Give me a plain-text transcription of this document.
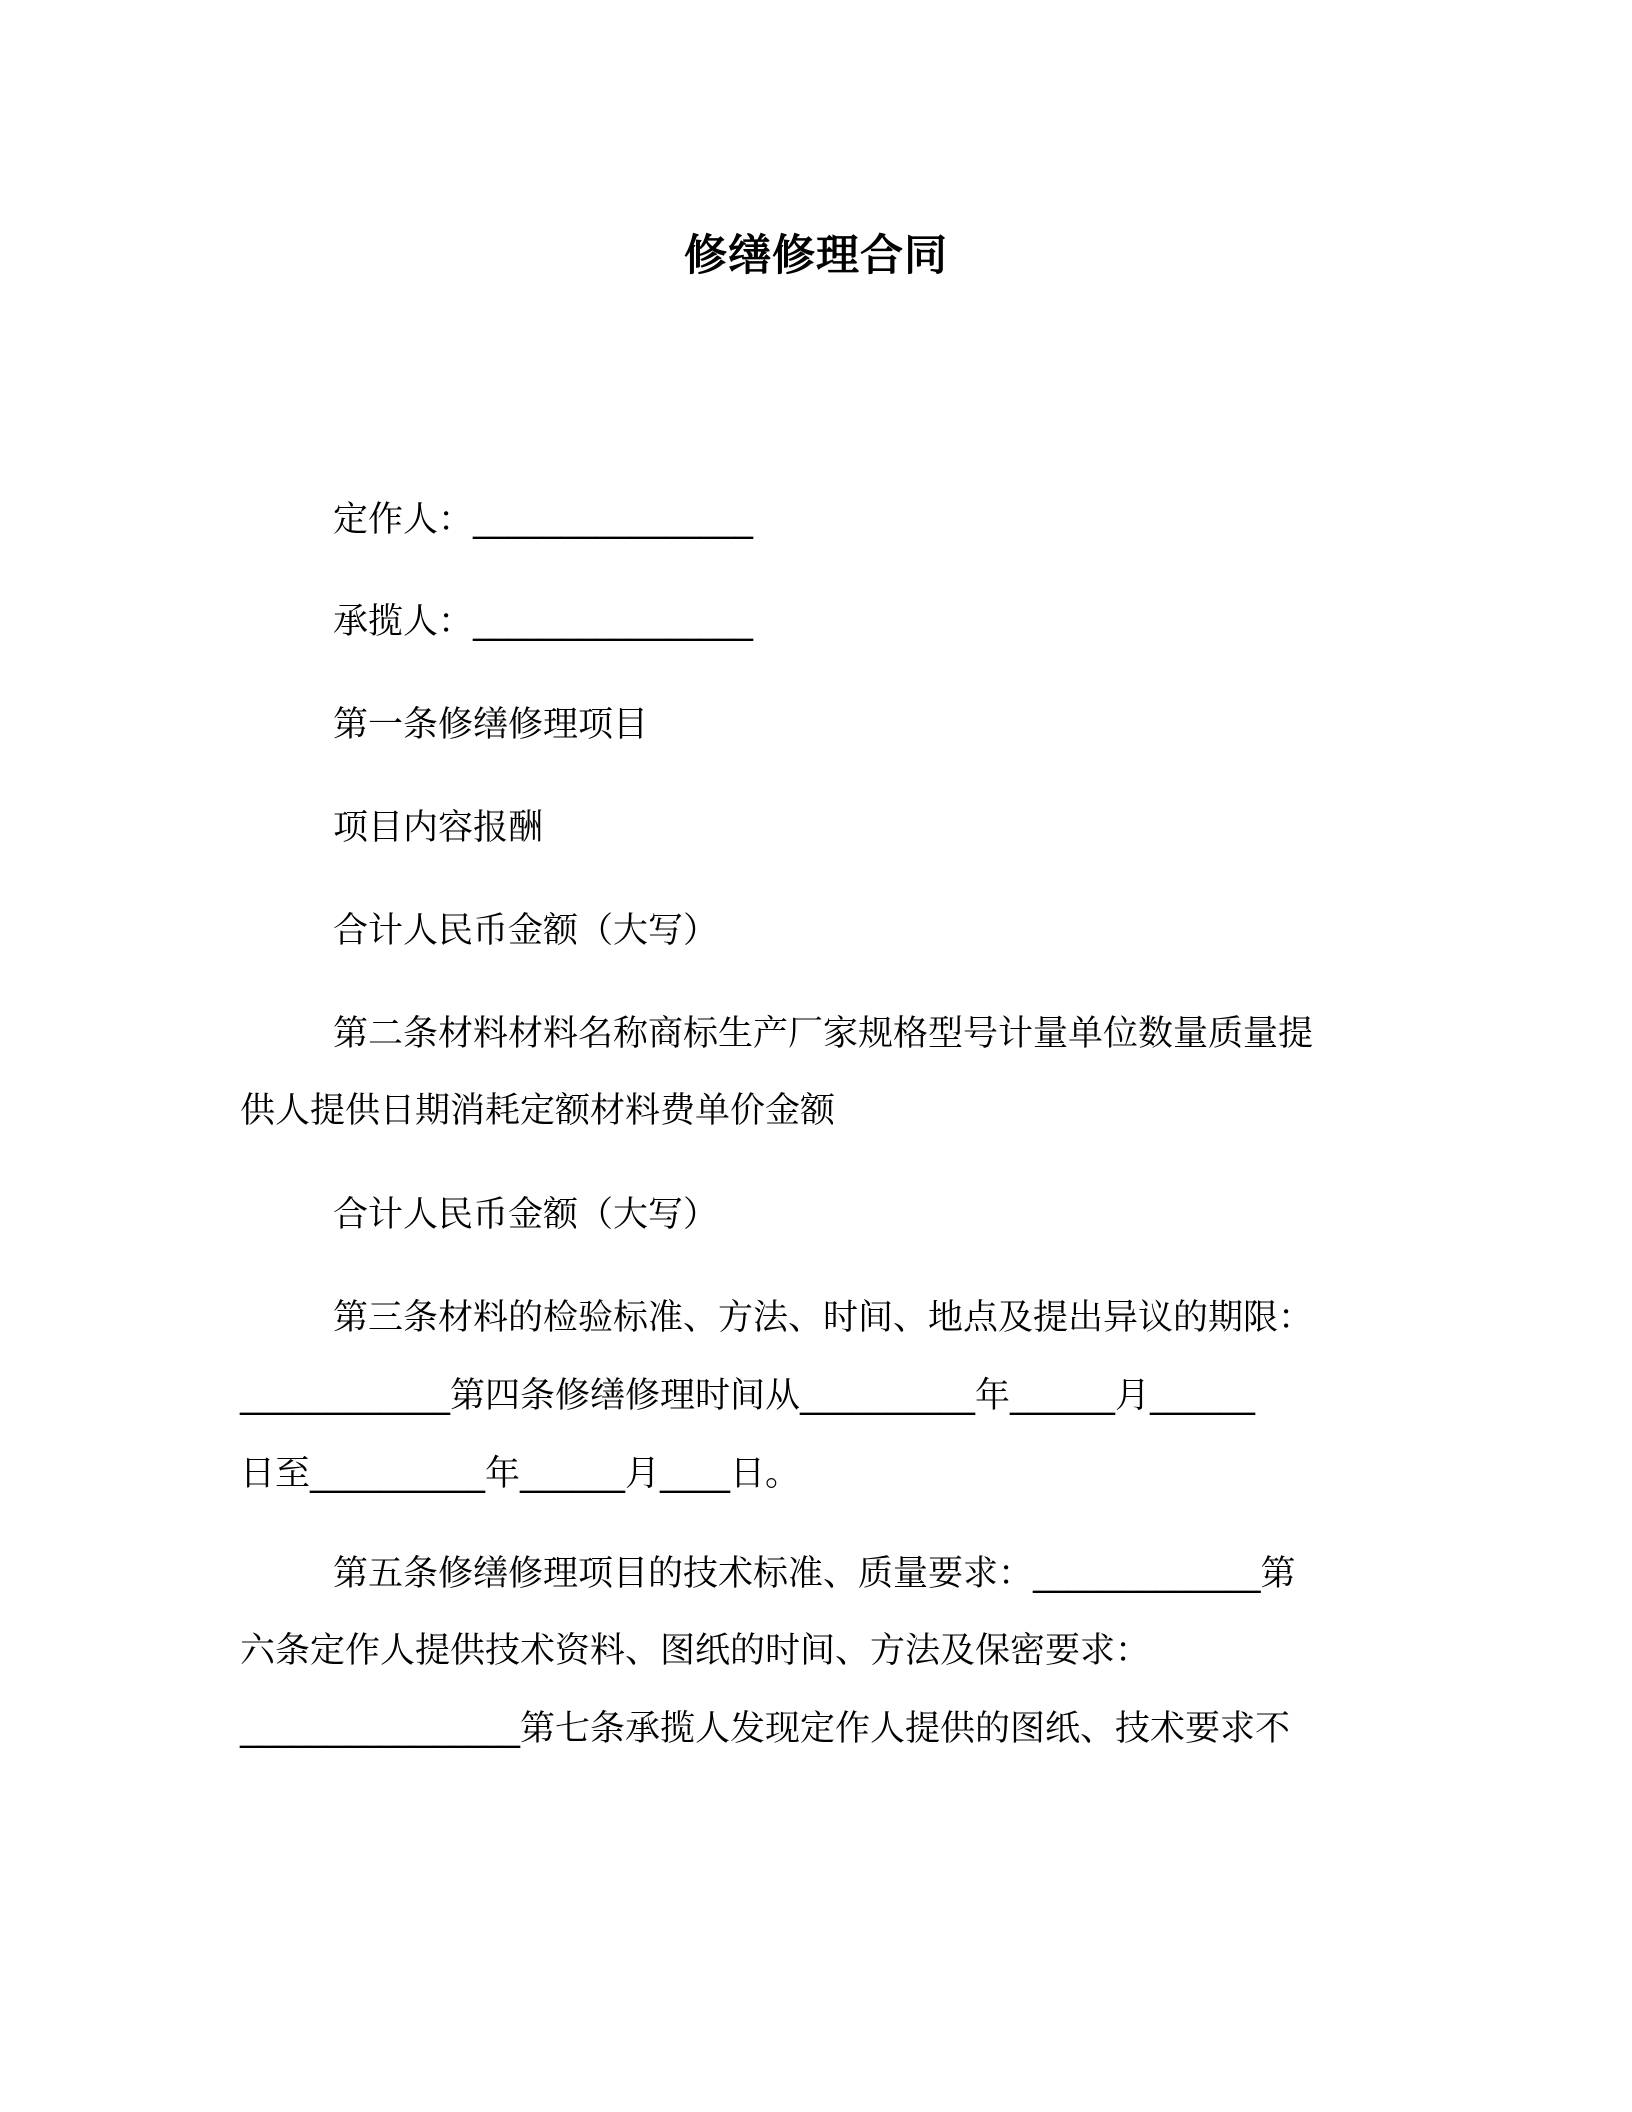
修缮修理合同
定作人：________________
承揽人：________________
第一条修缮修理项目
项目内容报酬
合计人民币金额（大写）
第二条材料材料名称商标生产厂家规格型号计量单位数量质量提
供人提供日期消耗定额材料费单价金额
合计人民币金额（大写）
第三条材料的检验标准、方法、时间、地点及提出异议的期限：
____________第四条修缮修理时间从__________年______月______
日至__________年______月____日。
第五条修缮修理项目的技术标准、质量要求：_____________第
六条定作人提供技术资料、图纸的时间、方法及保密要求：
________________第七条承揽人发现定作人提供的图纸、技术要求不
